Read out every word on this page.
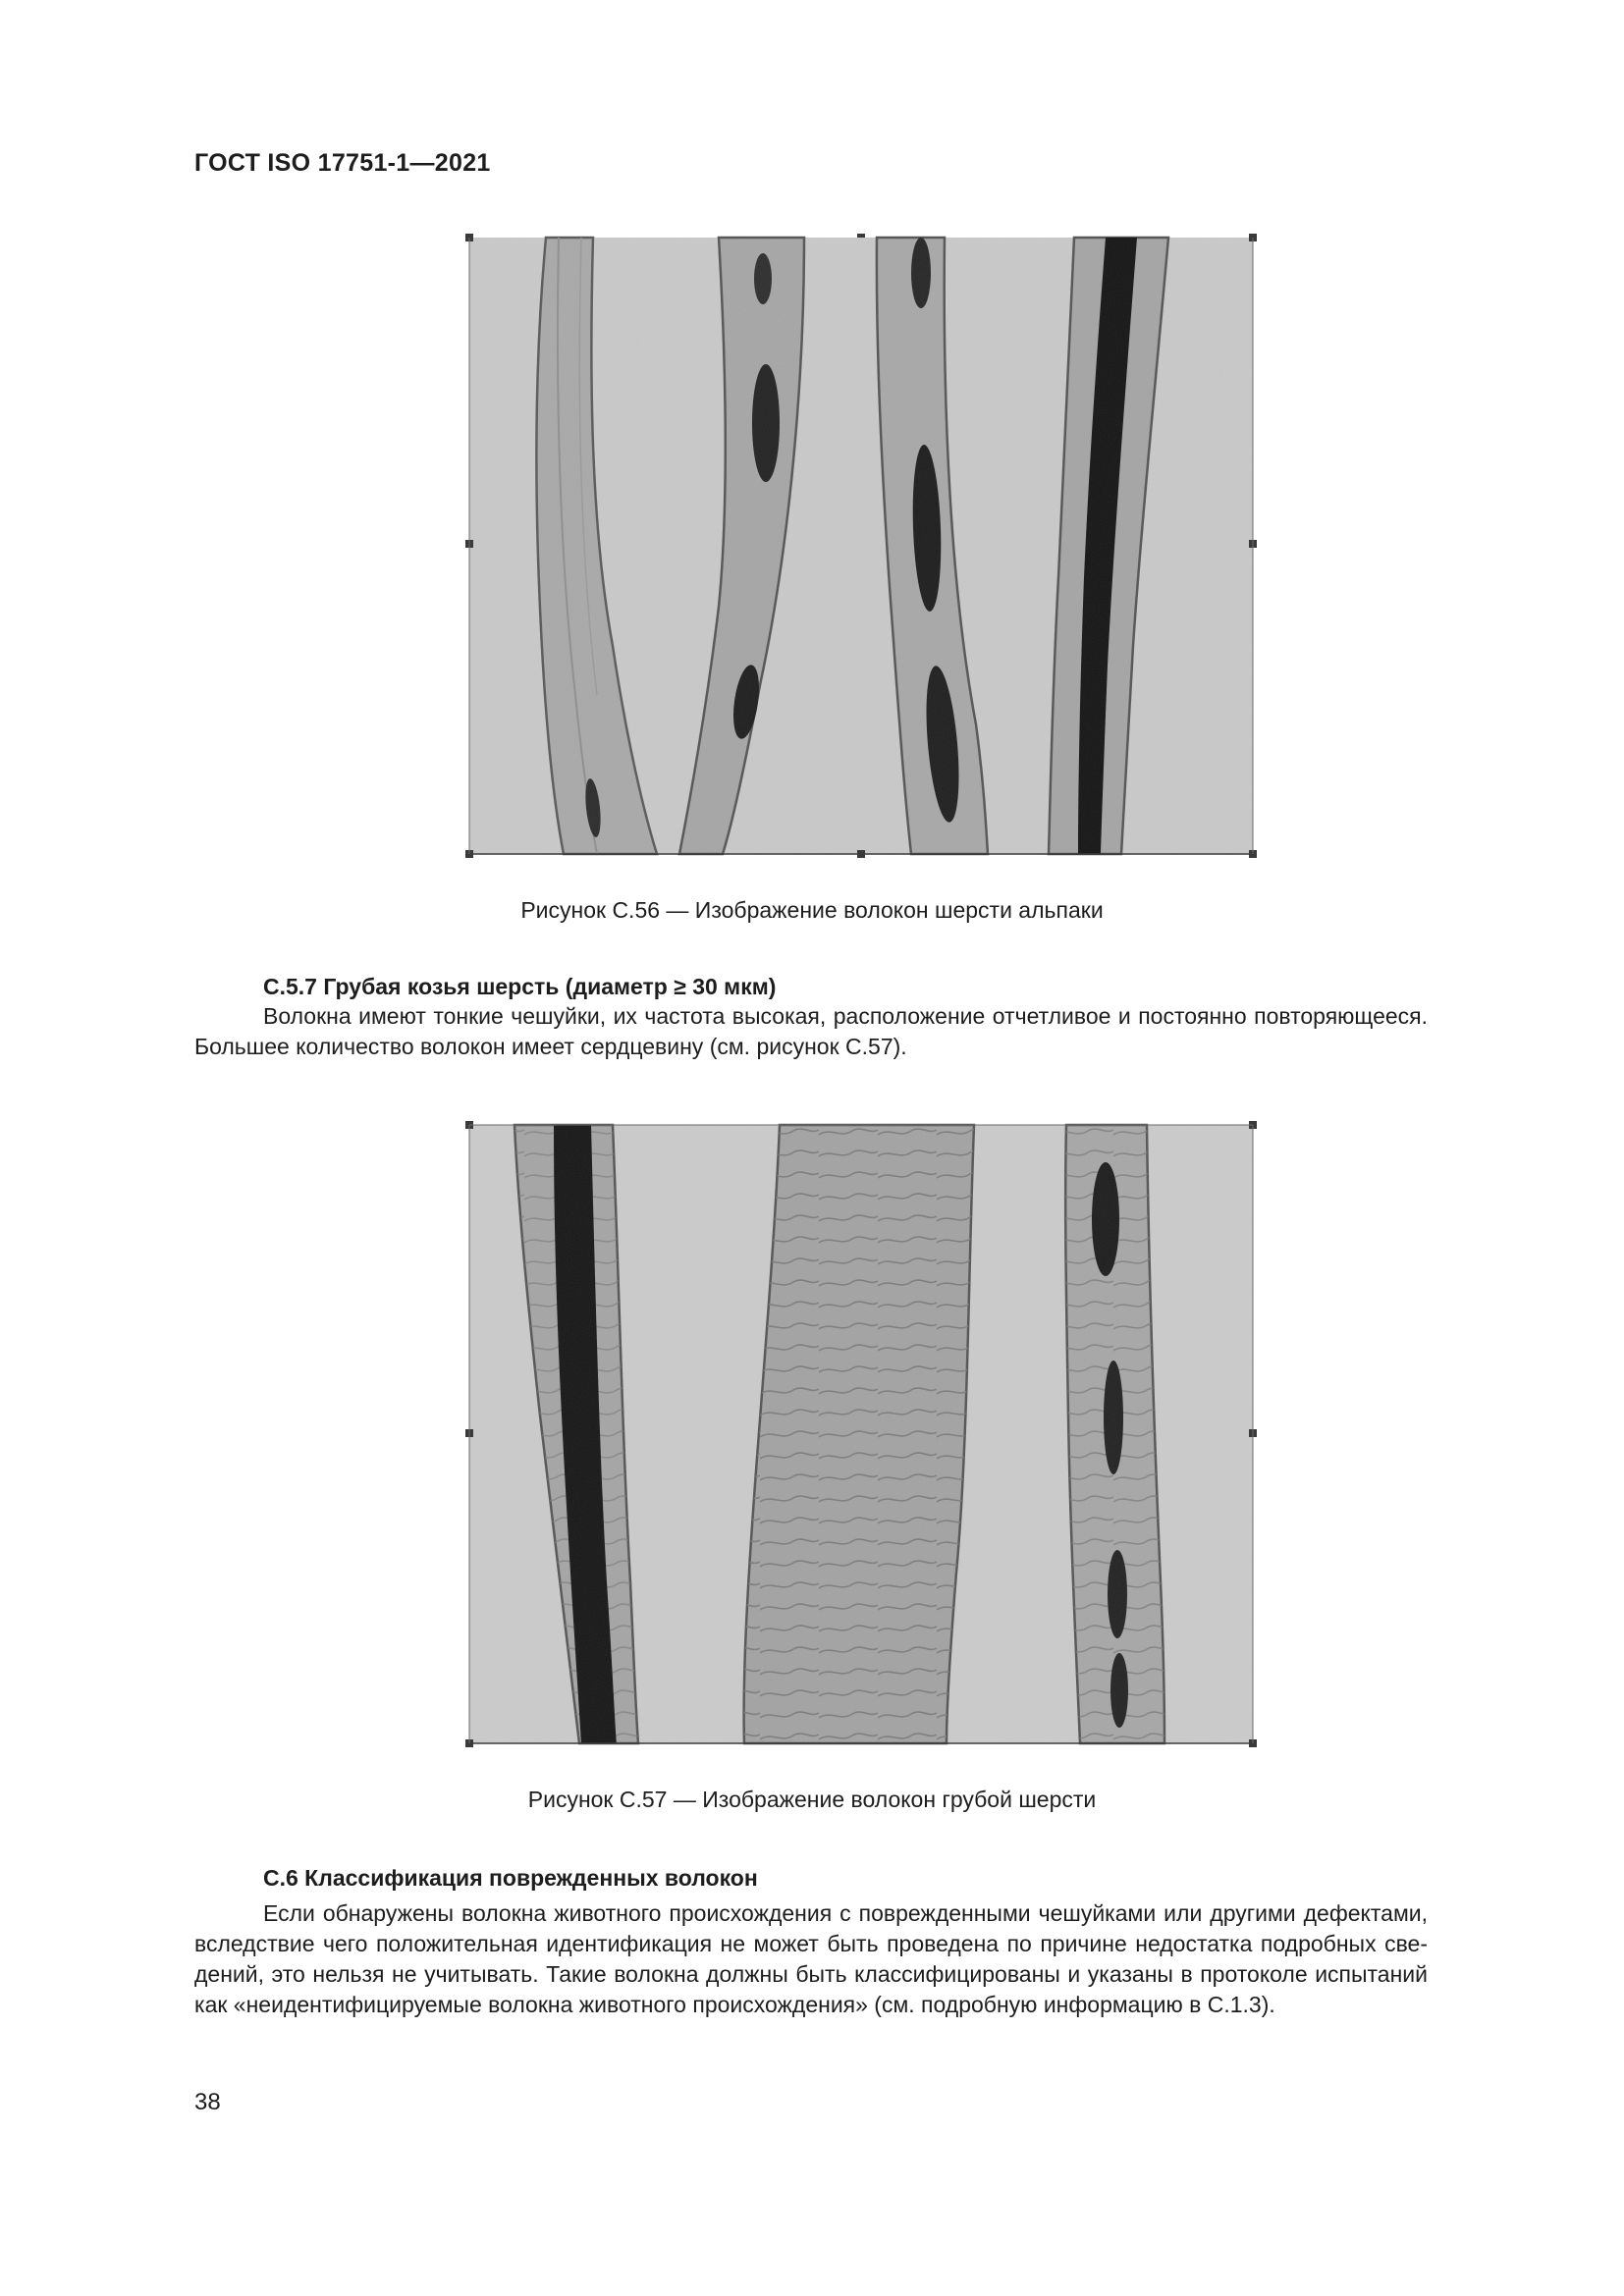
ГОСТ ISO 17751-1—2021
Рисунок С.56 — Изображение волокон шерсти альпаки
С.5.7 Грубая козья шерсть (диаметр ≥ 30 мкм)
Волокна имеют тонкие чешуйки, их частота высокая, расположение отчетливое и постоянно повторяющееся.
Большее количество волокон имеет сердцевину (см. рисунок С.57).
Рисунок С.57 — Изображение волокон грубой шерсти
С.6 Классификация поврежденных волокон
Если обнаружены волокна животного происхождения с поврежденными чешуйками или другими дефектами,
вследствие чего положительная идентификация не может быть проведена по причине недостатка подробных све-
дений, это нельзя не учитывать. Такие волокна должны быть классифицированы и указаны в протоколе испытаний
как «неидентифицируемые волокна животного происхождения» (см. подробную информацию в С.1.3).
38
